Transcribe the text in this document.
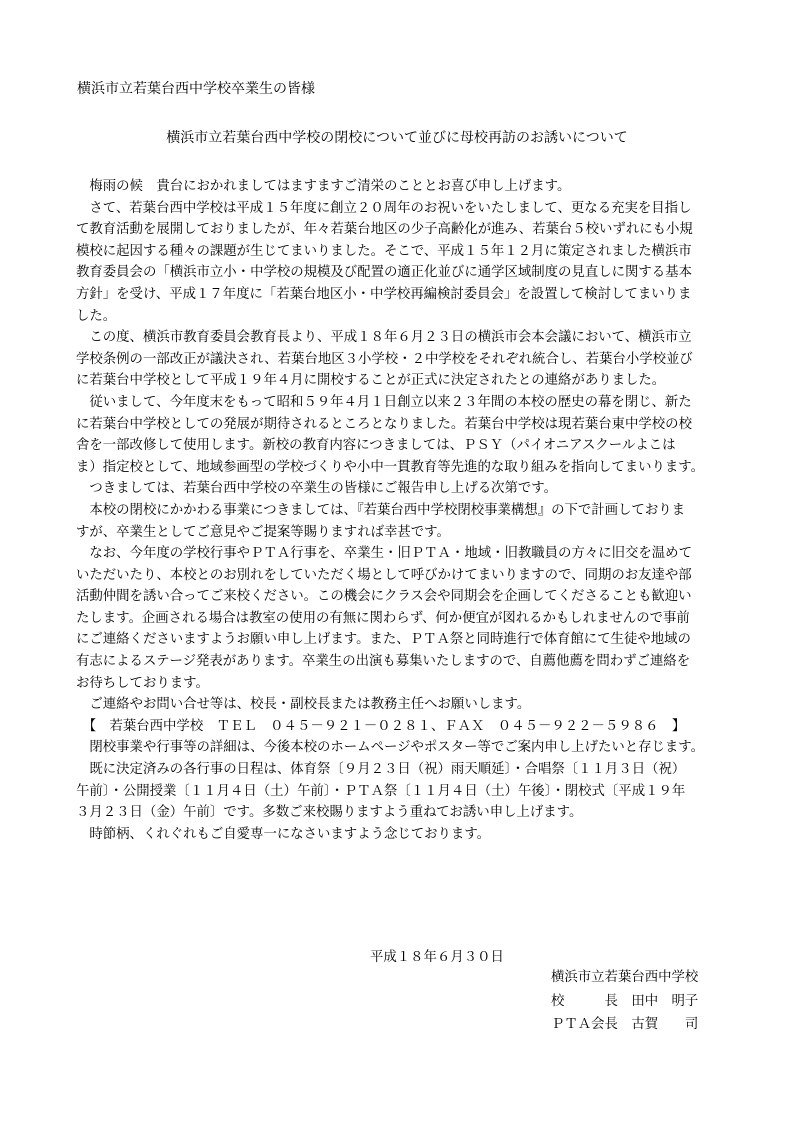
横浜市立若葉台西中学校卒業生の皆様
横浜市立若葉台西中学校の閉校について並びに母校再訪のお誘いについて
　梅雨の候　貴台におかれましてはますますご清栄のこととお喜び申し上げます。
　さて、若葉台西中学校は平成１５年度に創立２０周年のお祝いをいたしまして、更なる充実を目指し
て教育活動を展開しておりましたが、年々若葉台地区の少子高齢化が進み、若葉台５校いずれにも小規
模校に起因する種々の課題が生じてまいりました。そこで、平成１５年１２月に策定されました横浜市
教育委員会の「横浜市立小・中学校の規模及び配置の適正化並びに通学区域制度の見直しに関する基本
方針」を受け、平成１７年度に「若葉台地区小・中学校再編検討委員会」を設置して検討してまいりま
した。
　この度、横浜市教育委員会教育長より、平成１８年６月２３日の横浜市会本会議において、横浜市立
学校条例の一部改正が議決され、若葉台地区３小学校・２中学校をそれぞれ統合し、若葉台小学校並び
に若葉台中学校として平成１９年４月に開校することが正式に決定されたとの連絡がありました。
　従いまして、今年度末をもって昭和５９年４月１日創立以来２３年間の本校の歴史の幕を閉じ、新た
に若葉台中学校としての発展が期待されるところとなりました。若葉台中学校は現若葉台東中学校の校
舎を一部改修して使用します。新校の教育内容につきましては、ＰＳＹ（パイオニアスクールよこは
ま）指定校として、地域参画型の学校づくりや小中一貫教育等先進的な取り組みを指向してまいります。
　つきましては、若葉台西中学校の卒業生の皆様にご報告申し上げる次第です。
　本校の閉校にかかわる事業につきましては、『若葉台西中学校閉校事業構想』の下で計画しておりま
すが、卒業生としてご意見やご提案等賜りますれば幸甚です。
　なお、今年度の学校行事やＰＴＡ行事を、卒業生・旧ＰＴＡ・地域・旧教職員の方々に旧交を温めて
いただいたり、本校とのお別れをしていただく場として呼びかけてまいりますので、同期のお友達や部
活動仲間を誘い合ってご来校ください。この機会にクラス会や同期会を企画してくださることも歓迎い
たします。企画される場合は教室の使用の有無に関わらず、何か便宜が図れるかもしれませんので事前
にご連絡くださいますようお願い申し上げます。また、ＰＴＡ祭と同時進行で体育館にて生徒や地域の
有志によるステージ発表があります。卒業生の出演も募集いたしますので、自薦他薦を問わずご連絡を
お待ちしております。
　ご連絡やお問い合せ等は、校長・副校長または教務主任へお願いします。
　【　若葉台西中学校　ＴＥＬ　０４５－９２１－０２８１、ＦＡＸ　０４５－９２２－５９８６　】
　閉校事業や行事等の詳細は、今後本校のホームページやポスター等でご案内申し上げたいと存じます。
　既に決定済みの各行事の日程は、体育祭〔９月２３日（祝）雨天順延〕・合唱祭〔１１月３日（祝）
午前〕・公開授業〔１１月４日（土）午前〕・ＰＴＡ祭〔１１月４日（土）午後〕・閉校式〔平成１９年
３月２３日（金）午前〕です。多数ご来校賜りますよう重ねてお誘い申し上げます。
　時節柄、くれぐれもご自愛専一になさいますよう念じております。
平成１８年６月３０日
横浜市立若葉台西中学校
校　　　長　田中　明子
ＰＴＡ会長　古賀　　司
